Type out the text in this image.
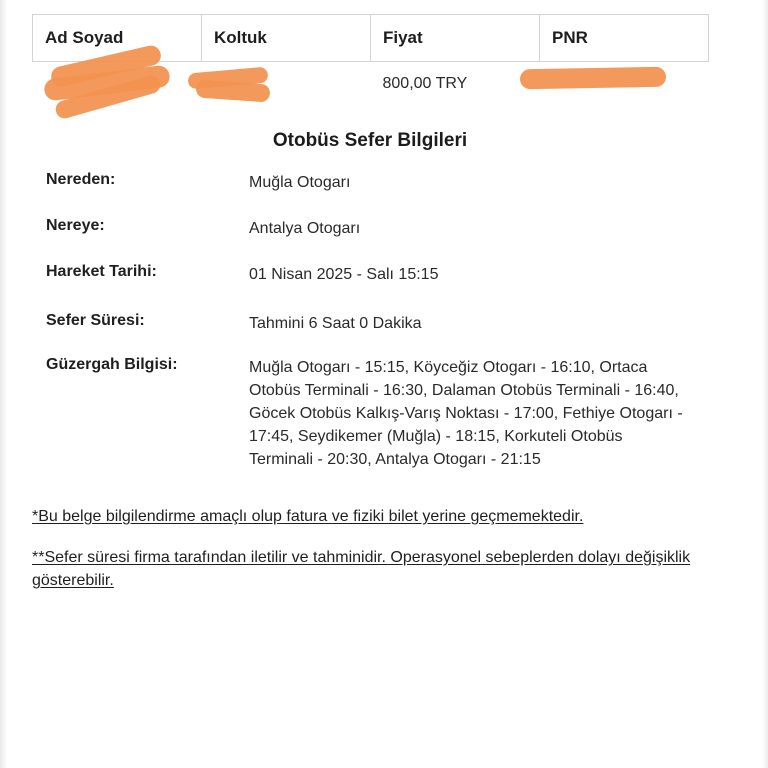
Ad Soyad	Koltuk	Fiyat	PNR
		800,00 TRY	
Otobüs Sefer Bilgileri
Nereden:	Muğla Otogarı
Nereye:	Antalya Otogarı
Hareket Tarihi:	01 Nisan 2025 - Salı 15:15
Sefer Süresi:	Tahmini 6 Saat 0 Dakika
Güzergah Bilgisi:	Muğla Otogarı - 15:15, Köyceğiz Otogarı - 16:10, Ortaca Otobüs Terminali - 16:30, Dalaman Otobüs Terminali - 16:40, Göcek Otobüs Kalkış-Varış Noktası - 17:00, Fethiye Otogarı - 17:45, Seydikemer (Muğla) - 18:15, Korkuteli Otobüs Terminali - 20:30, Antalya Otogarı - 21:15
*Bu belge bilgilendirme amaçlı olup fatura ve fiziki bilet yerine geçmemektedir.
**Sefer süresi firma tarafından iletilir ve tahminidir. Operasyonel sebeplerden dolayı değişiklik gösterebilir.
